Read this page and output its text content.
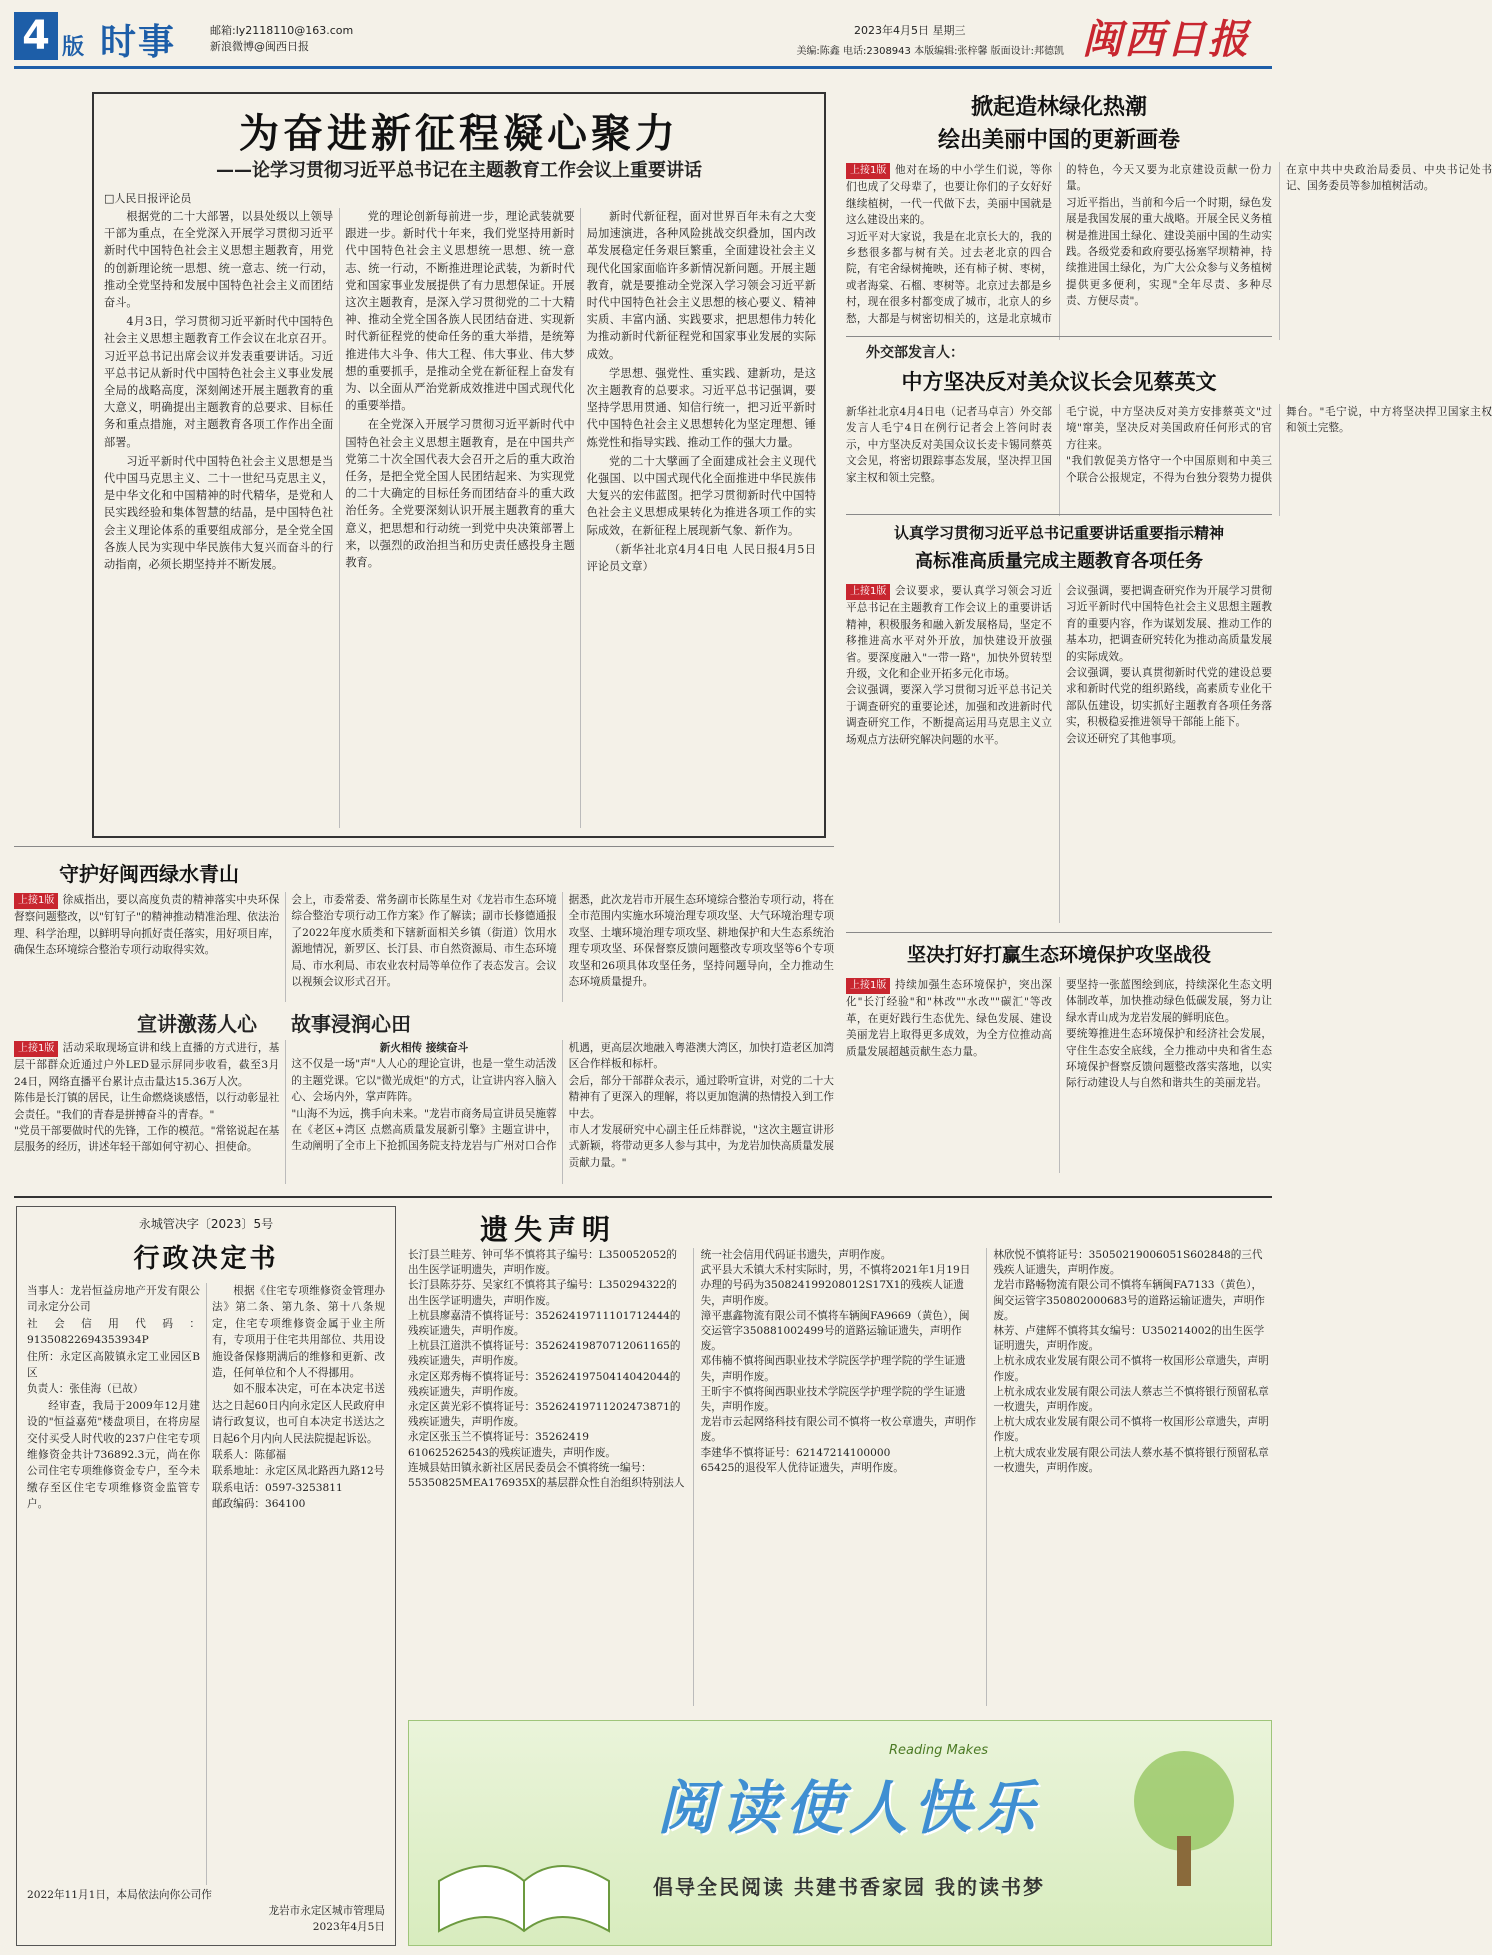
4 版 时事	邮箱:ly2118110@163.com
新浪微博@闽西日报
2023年4月5日 星期三
美编:陈鑫 电话:2308943 本版编辑:张梓馨 版面设计:邦德凯 闽西日报
为奋进新征程凝心聚力
——论学习贯彻习近平总书记在主题教育工作会议上重要讲话
□人民日报评论员

根据党的二十大部署，以县处级以上领导干部为重点，在全党深入开展学习贯彻习近平新时代中国特色社会主义思想主题教育，用党的创新理论统一思想、统一意志、统一行动，推动全党坚持和发展中国特色社会主义而团结奋斗。

4月3日，学习贯彻习近平新时代中国特色社会主义思想主题教育工作会议在北京召开。习近平总书记出席会议并发表重要讲话。习近平总书记从新时代中国特色社会主义事业发展全局的战略高度，深刻阐述开展主题教育的重大意义，明确提出主题教育的总要求、目标任务和重点措施，对主题教育各项工作作出全面部署。

习近平新时代中国特色社会主义思想是当代中国马克思主义、二十一世纪马克思主义，是中华文化和中国精神的时代精华，是党和人民实践经验和集体智慧的结晶，是中国特色社会主义理论体系的重要组成部分，是全党全国各族人民为实现中华民族伟大复兴而奋斗的行动指南，必须长期坚持并不断发展。

党的理论创新每前进一步，理论武装就要跟进一步。新时代十年来，我们党坚持用新时代中国特色社会主义思想统一思想、统一意志、统一行动，不断推进理论武装，为新时代党和国家事业发展提供了有力思想保证。开展这次主题教育，是深入学习贯彻党的二十大精神、推动全党全国各族人民团结奋进、实现新时代新征程党的使命任务的重大举措，是统筹推进伟大斗争、伟大工程、伟大事业、伟大梦想的重要抓手，是推动全党在新征程上奋发有为、以全面从严治党新成效推进中国式现代化的重要举措。

在全党深入开展学习贯彻习近平新时代中国特色社会主义思想主题教育，是在中国共产党第二十次全国代表大会召开之后的重大政治任务，是把全党全国人民团结起来、为实现党的二十大确定的目标任务而团结奋斗的重大政治任务。全党要深刻认识开展主题教育的重大意义，把思想和行动统一到党中央决策部署上来，以强烈的政治担当和历史责任感投身主题教育。

新时代新征程，面对世界百年未有之大变局加速演进，各种风险挑战交织叠加，国内改革发展稳定任务艰巨繁重，全面建设社会主义现代化国家面临许多新情况新问题。开展主题教育，就是要推动全党深入学习领会习近平新时代中国特色社会主义思想的核心要义、精神实质、丰富内涵、实践要求，把思想伟力转化为推动新时代新征程党和国家事业发展的实际成效。

学思想、强党性、重实践、建新功，是这次主题教育的总要求。习近平总书记强调，要坚持学思用贯通、知信行统一，把习近平新时代中国特色社会主义思想转化为坚定理想、锤炼党性和指导实践、推动工作的强大力量。

党的二十大擘画了全面建成社会主义现代化强国、以中国式现代化全面推进中华民族伟大复兴的宏伟蓝图。把学习贯彻新时代中国特色社会主义思想成果转化为推进各项工作的实际成效，在新征程上展现新气象、新作为。

（新华社北京4月4日电 人民日报4月5日评论员文章）

掀起造林绿化热潮
绘出美丽中国的更新画卷

上接1版 他对在场的中小学生们说，等你们也成了父母辈了，也要让你们的子女好好继续植树，一代一代做下去，美丽中国就是这么建设出来的。

习近平对大家说，我是在北京长大的，我的乡愁很多都与树有关。过去老北京的四合院，有宅舍绿树掩映，还有柿子树、枣树，或者海棠、石榴、枣树等。北京过去都是乡村，现在很多村都变成了城市，北京人的乡愁，大都是与树密切相关的，这是北京城市的特色，今天又要为北京建设贡献一份力量。

习近平指出，当前和今后一个时期，绿色发展是我国发展的重大战略。开展全民义务植树是推进国土绿化、建设美丽中国的生动实践。各级党委和政府要弘扬塞罕坝精神，持续推进国土绿化，为广大公众参与义务植树提供更多便利，实现"全年尽责、多种尽责、方便尽责"。

在京中共中央政治局委员、中央书记处书记、国务委员等参加植树活动。

外交部发言人：
中方坚决反对美众议长会见蔡英文

新华社北京4月4日电（记者马卓言）外交部发言人毛宁4日在例行记者会上答问时表示，中方坚决反对美国众议长麦卡锡同蔡英文会见，将密切跟踪事态发展，坚决捍卫国家主权和领土完整。

毛宁说，中方坚决反对美方安排蔡英文"过境"窜美，坚决反对美国政府任何形式的官方往来。

"我们敦促美方恪守一个中国原则和中美三个联合公报规定，不得为台独分裂势力提供舞台。"毛宁说，中方将坚决捍卫国家主权和领土完整。

认真学习贯彻习近平总书记重要讲话重要指示精神
高标准高质量完成主题教育各项任务

上接1版 会议要求，要认真学习领会习近平总书记在主题教育工作会议上的重要讲话精神，积极服务和融入新发展格局，坚定不移推进高水平对外开放，加快建设开放强省。要深度融入"一带一路"，加快外贸转型升级，文化和企业开拓多元化市场。

会议强调，要深入学习贯彻习近平总书记关于调查研究的重要论述，加强和改进新时代调查研究工作，不断提高运用马克思主义立场观点方法研究解决问题的水平。

会议强调，要把调查研究作为开展学习贯彻习近平新时代中国特色社会主义思想主题教育的重要内容，作为谋划发展、推动工作的基本功，把调查研究转化为推动高质量发展的实际成效。

会议强调，要认真贯彻新时代党的建设总要求和新时代党的组织路线，高素质专业化干部队伍建设，切实抓好主题教育各项任务落实，积极稳妥推进领导干部能上能下。

会议还研究了其他事项。

坚决打好打赢生态环境保护攻坚战役

上接1版 持续加强生态环境保护，突出深化"长汀经验"和"林改""水改""碳汇"等改革，在更好践行生态优先、绿色发展、建设美丽龙岩上取得更多成效，为全方位推动高质量发展超越贡献生态力量。

要坚持一张蓝图绘到底，持续深化生态文明体制改革，加快推动绿色低碳发展，努力让绿水青山成为龙岩发展的鲜明底色。

要统筹推进生态环境保护和经济社会发展，守住生态安全底线，全力推动中央和省生态环境保护督察反馈问题整改落实落地，以实际行动建设人与自然和谐共生的美丽龙岩。

守护好闽西绿水青山

上接1版 徐威指出，要以高度负责的精神落实中央环保督察问题整改，以"钉钉子"的精神推动精准治理、依法治理、科学治理，以鲜明导向抓好责任落实，用好项目库，确保生态环境综合整治专项行动取得实效。

会上，市委常委、常务副市长陈星生对《龙岩市生态环境综合整治专项行动工作方案》作了解读；副市长修德通报了2022年度水质类和下辖新面相关乡镇（街道）饮用水源地情况，新罗区、长汀县、市自然资源局、市生态环境局、市水利局、市农业农村局等单位作了表态发言。会议以视频会议形式召开。

据悉，此次龙岩市开展生态环境综合整治专项行动，将在全市范围内实施水环境治理专项攻坚、大气环境治理专项攻坚、土壤环境治理专项攻坚、耕地保护和大生态系统治理专项攻坚、环保督察反馈问题整改专项攻坚等6个专项攻坚和26项具体攻坚任务，坚持问题导向，全力推动生态环境质量提升。

宣讲激荡人心 故事浸润心田

上接1版 活动采取现场宣讲和线上直播的方式进行，基层干部群众近通过户外LED显示屏同步收看，截至3月24日，网络直播平台累计点击量达15.36万人次。

陈伟是长汀镇的居民，让生命燃烧谈感悟，以行动彰显社会责任。"我们的青春是拼搏奋斗的青春。"

"党员干部要做时代的先锋，工作的模范。"常铭说起在基层服务的经历，讲述年轻干部如何守初心、担使命。

新火相传 接续奋斗

这不仅是一场"声"人人心的理论宣讲，也是一堂生动活泼的主题党课。它以"微光成炬"的方式，让宣讲内容入脑入心、会场内外，掌声阵阵。

"山海不为远，携手向未来。"龙岩市商务局宣讲员吴施蓉在《老区+湾区 点燃高质量发展新引擎》主题宣讲中，生动阐明了全市上下抢抓国务院支持龙岩与广州对口合作机遇，更高层次地融入粤港澳大湾区，加快打造老区加湾区合作样板和标杆。

会后，部分干部群众表示，通过聆听宣讲，对党的二十大精神有了更深入的理解，将以更加饱满的热情投入到工作中去。

市人才发展研究中心副主任丘炜群说，"这次主题宣讲形式新颖，将带动更多人参与其中，为龙岩加快高质量发展贡献力量。"

永城管决字〔2023〕5号
行政决定书

当事人：龙岩恒益房地产开发有限公司永定分公司

社会信用代码：91350822694353934P

住所：永定区高陂镇永定工业园区B区

负责人：张佳海（已故）

经审查，我局于2009年12月建设的"恒益嘉苑"楼盘项目，在将房屋交付买受人时代收的237户住宅专项维修资金共计736892.3元，尚在你公司住宅专项维修资金专户，至今未缴存至区住宅专项维修资金监管专户。

根据《住宅专项维修资金管理办法》第二条、第九条、第十八条规定，住宅专项维修资金属于业主所有，专项用于住宅共用部位、共用设施设备保修期满后的维修和更新、改造，任何单位和个人不得挪用。

如不服本决定，可在本决定书送达之日起60日内向永定区人民政府申请行政复议，也可自本决定书送达之日起6个月内向人民法院提起诉讼。

联系人：陈郁福

联系地址：永定区凤北路西九路12号

联系电话：0597-3253811

邮政编码：364100

2022年11月1日，本局依法向你公司作
龙岩市永定区城市管理局
2023年4月5日
遗失声明

长汀县兰畦芳、钟可华不慎将其子编号：L350052052的出生医学证明遗失，声明作废。

长汀县陈芬芬、吴家红不慎将其子编号：L350294322的出生医学证明遗失，声明作废。

上杭县廖嘉清不慎将证号：35262419711101712444的残疾证遗失，声明作废。

上杭县江道洪不慎将证号：35262419870712061165的残疾证遗失，声明作废。

永定区郑秀梅不慎将证号：35262419750414042044的残疾证遗失，声明作废。

永定区黄光彩不慎将证号：35262419711202473871的残疾证遗失，声明作废。

永定区张玉兰不慎将证号：35262419

610625262543的残疾证遗失，声明作废。

连城县姑田镇永新社区居民委员会不慎将统一编号：55350825MEA176935X的基层群众性自治组织特别法人统一社会信用代码证书遗失，声明作废。

武平县大禾镇大禾村实际时，男，不慎将2021年1月19日办理的号码为350824199208012S17X1的残疾人证遗失，声明作废。

漳平惠鑫物流有限公司不慎将车辆闽FA9669（黄色），闽交运管字350881002499号的道路运输证遗失，声明作废。

邓伟楠不慎将闽西职业技术学院医学护理学院的学生证遗失，声明作废。

王昕宇不慎将闽西职业技术学院医学护理学院的学生证遗失，声明作废。

龙岩市云起网络科技有限公司不慎将一枚公章遗失，声明作废。

李建华不慎将证号：62147214100000

65425的退役军人优待证遗失，声明作废。

林欣悦不慎将证号：35050219006051S602848的三代残疾人证遗失，声明作废。

龙岩市路畅物流有限公司不慎将车辆闽FA7133（黄色），闽交运管字350802000683号的道路运输证遗失，声明作废。

林芳、卢建辉不慎将其女编号：U350214002的出生医学证明遗失，声明作废。

上杭永成农业发展有限公司不慎将一枚国形公章遗失，声明作废。

上杭永成农业发展有限公司法人蔡志兰不慎将银行预留私章一枚遗失，声明作废。

上杭大成农业发展有限公司不慎将一枚国形公章遗失，声明作废。

上杭大成农业发展有限公司法人蔡水基不慎将银行预留私章一枚遗失，声明作废。

Reading Makes
阅读使人快乐
倡导全民阅读 共建书香家园 我的读书梦
